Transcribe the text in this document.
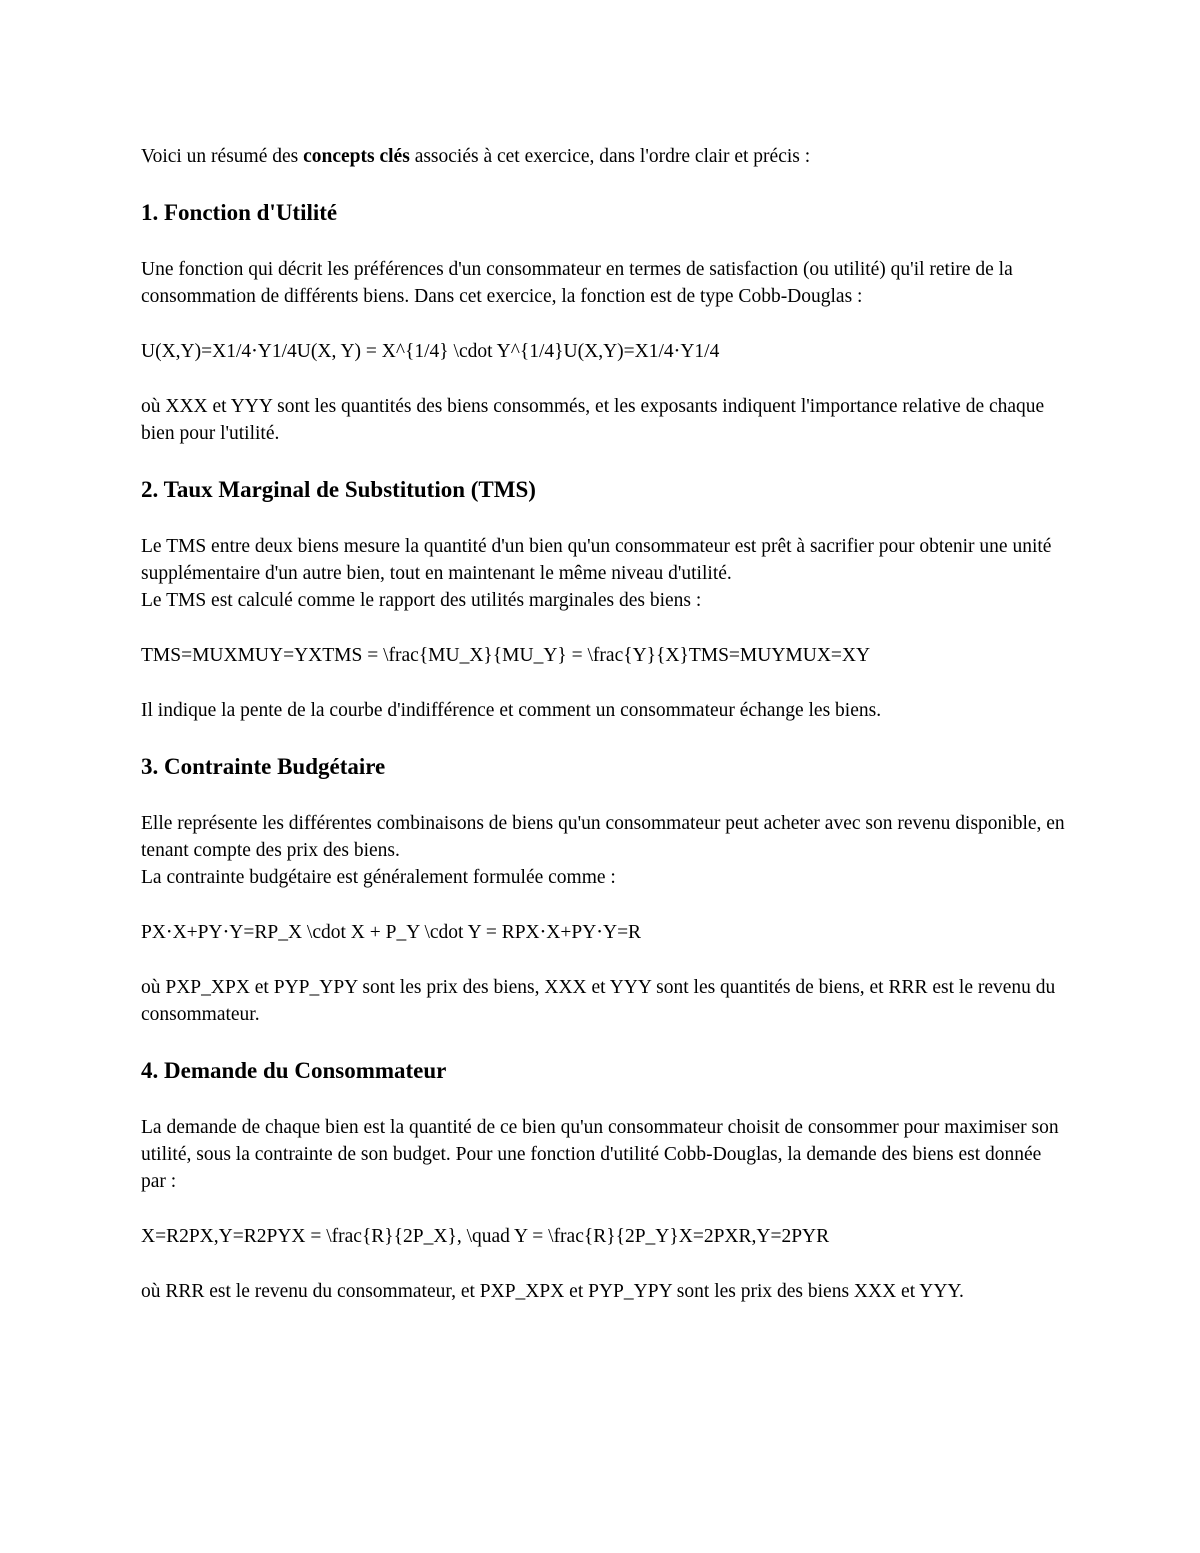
Voici un résumé des concepts clés associés à cet exercice, dans l'ordre clair et précis :

1. Fonction d'Utilité

Une fonction qui décrit les préférences d'un consommateur en termes de satisfaction (ou utilité) qu'il retire de la consommation de différents biens. Dans cet exercice, la fonction est de type Cobb-Douglas :

U(X,Y)=X1/4⋅Y1/4U(X, Y) = X^{1/4} \cdot Y^{1/4}U(X,Y)=X1/4⋅Y1/4

où XXX et YYY sont les quantités des biens consommés, et les exposants indiquent l'importance relative de chaque bien pour l'utilité.

2. Taux Marginal de Substitution (TMS)

Le TMS entre deux biens mesure la quantité d'un bien qu'un consommateur est prêt à sacrifier pour obtenir une unité supplémentaire d'un autre bien, tout en maintenant le même niveau d'utilité.

Le TMS est calculé comme le rapport des utilités marginales des biens :

TMS=MUXMUY=YXTMS = \frac{MU_X}{MU_Y} = \frac{Y}{X}TMS=MUYMUX=XY

Il indique la pente de la courbe d'indifférence et comment un consommateur échange les biens.

3. Contrainte Budgétaire

Elle représente les différentes combinaisons de biens qu'un consommateur peut acheter avec son revenu disponible, en tenant compte des prix des biens.

La contrainte budgétaire est généralement formulée comme :

PX⋅X+PY⋅Y=RP_X \cdot X + P_Y \cdot Y = RPX⋅X+PY⋅Y=R

où PXP_XPX et PYP_YPY sont les prix des biens, XXX et YYY sont les quantités de biens, et RRR est le revenu du consommateur.

4. Demande du Consommateur

La demande de chaque bien est la quantité de ce bien qu'un consommateur choisit de consommer pour maximiser son utilité, sous la contrainte de son budget. Pour une fonction d'utilité Cobb-Douglas, la demande des biens est donnée par :

X=R2PX,Y=R2PYX = \frac{R}{2P_X}, \quad Y = \frac{R}{2P_Y}X=2PXR,Y=2PYR

où RRR est le revenu du consommateur, et PXP_XPX et PYP_YPY sont les prix des biens XXX et YYY.
